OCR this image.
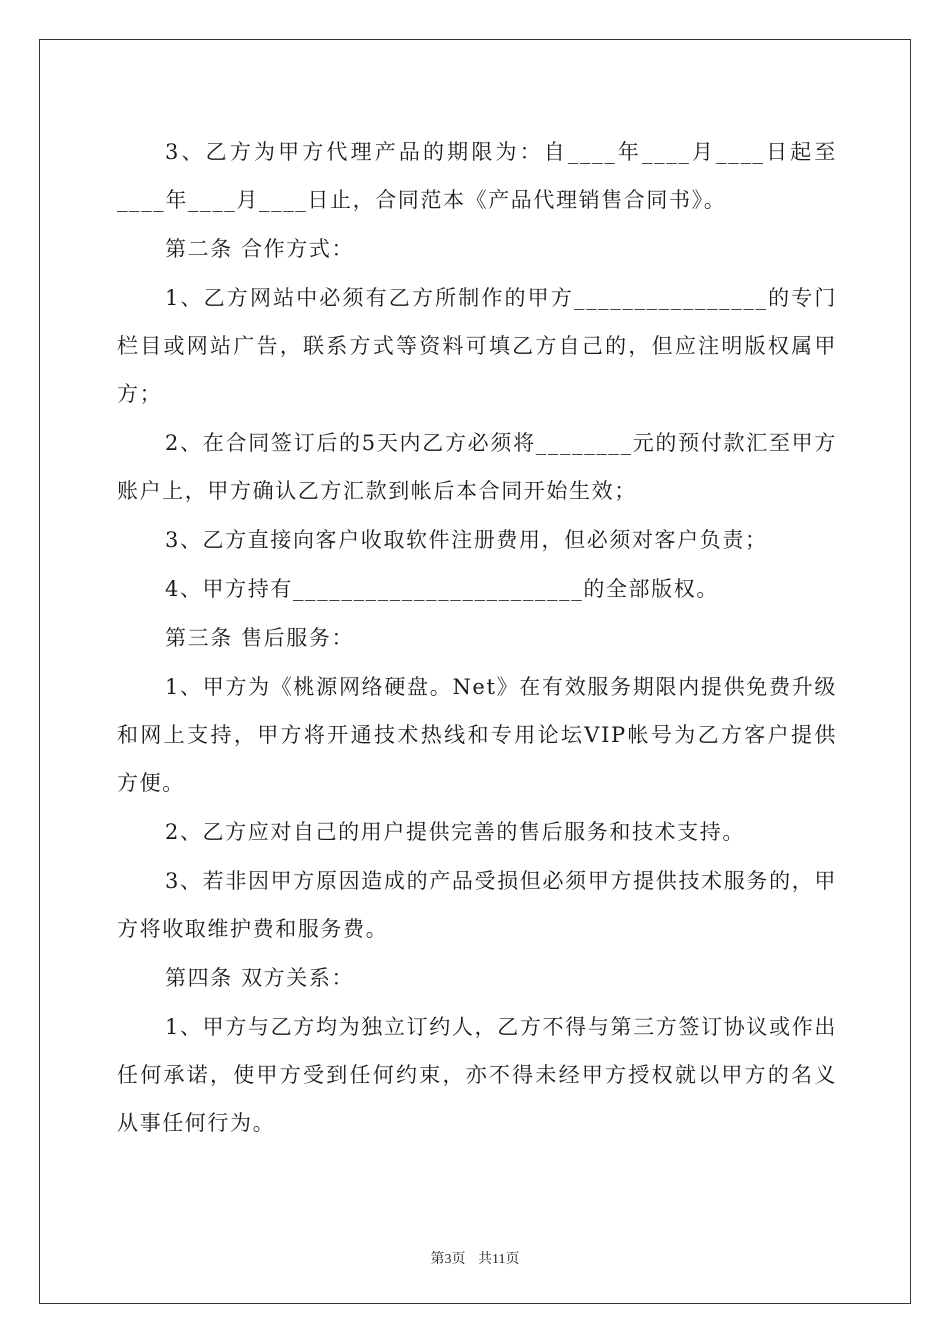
3、乙方为甲方代理产品的期限为：自____年____月____日起至____年____月____日止，合同范本《产品代理销售合同书》。

第二条 合作方式：

1、乙方网站中必须有乙方所制作的甲方________________的专门栏目或网站广告，联系方式等资料可填乙方自己的，但应注明版权属甲方；

2、在合同签订后的5天内乙方必须将________元的预付款汇至甲方账户上，甲方确认乙方汇款到帐后本合同开始生效；

3、乙方直接向客户收取软件注册费用，但必须对客户负责；

4、甲方持有________________________的全部版权。

第三条 售后服务：

1、甲方为《桃源网络硬盘。Net》在有效服务期限内提供免费升级和网上支持，甲方将开通技术热线和专用论坛VIP帐号为乙方客户提供方便。

2、乙方应对自己的用户提供完善的售后服务和技术支持。

3、若非因甲方原因造成的产品受损但必须甲方提供技术服务的，甲方将收取维护费和服务费。

第四条 双方关系：

1、甲方与乙方均为独立订约人，乙方不得与第三方签订协议或作出任何承诺，使甲方受到任何约束，亦不得未经甲方授权就以甲方的名义从事任何行为。

第3页 共11页
